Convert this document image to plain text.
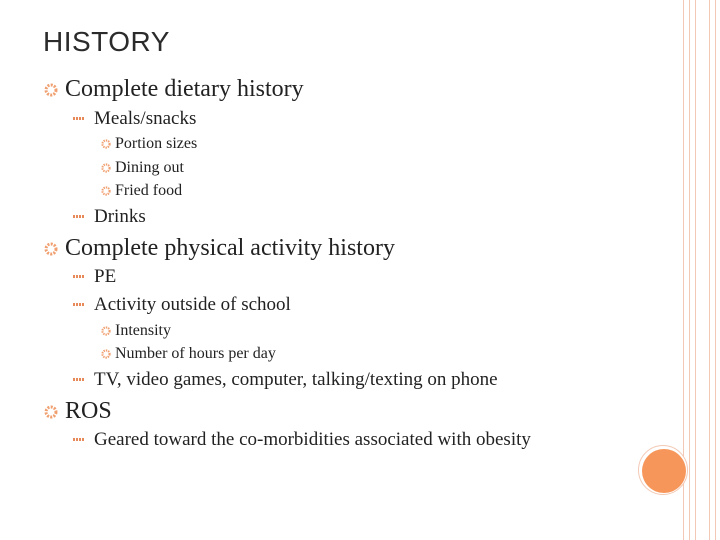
HISTORY
Complete dietary history
Meals/snacks
Portion sizes
Dining out
Fried food
Drinks
Complete physical activity history
PE
Activity outside of school
Intensity
Number of hours per day
TV, video games, computer, talking/texting on phone
ROS
Geared toward the co-morbidities associated with obesity
